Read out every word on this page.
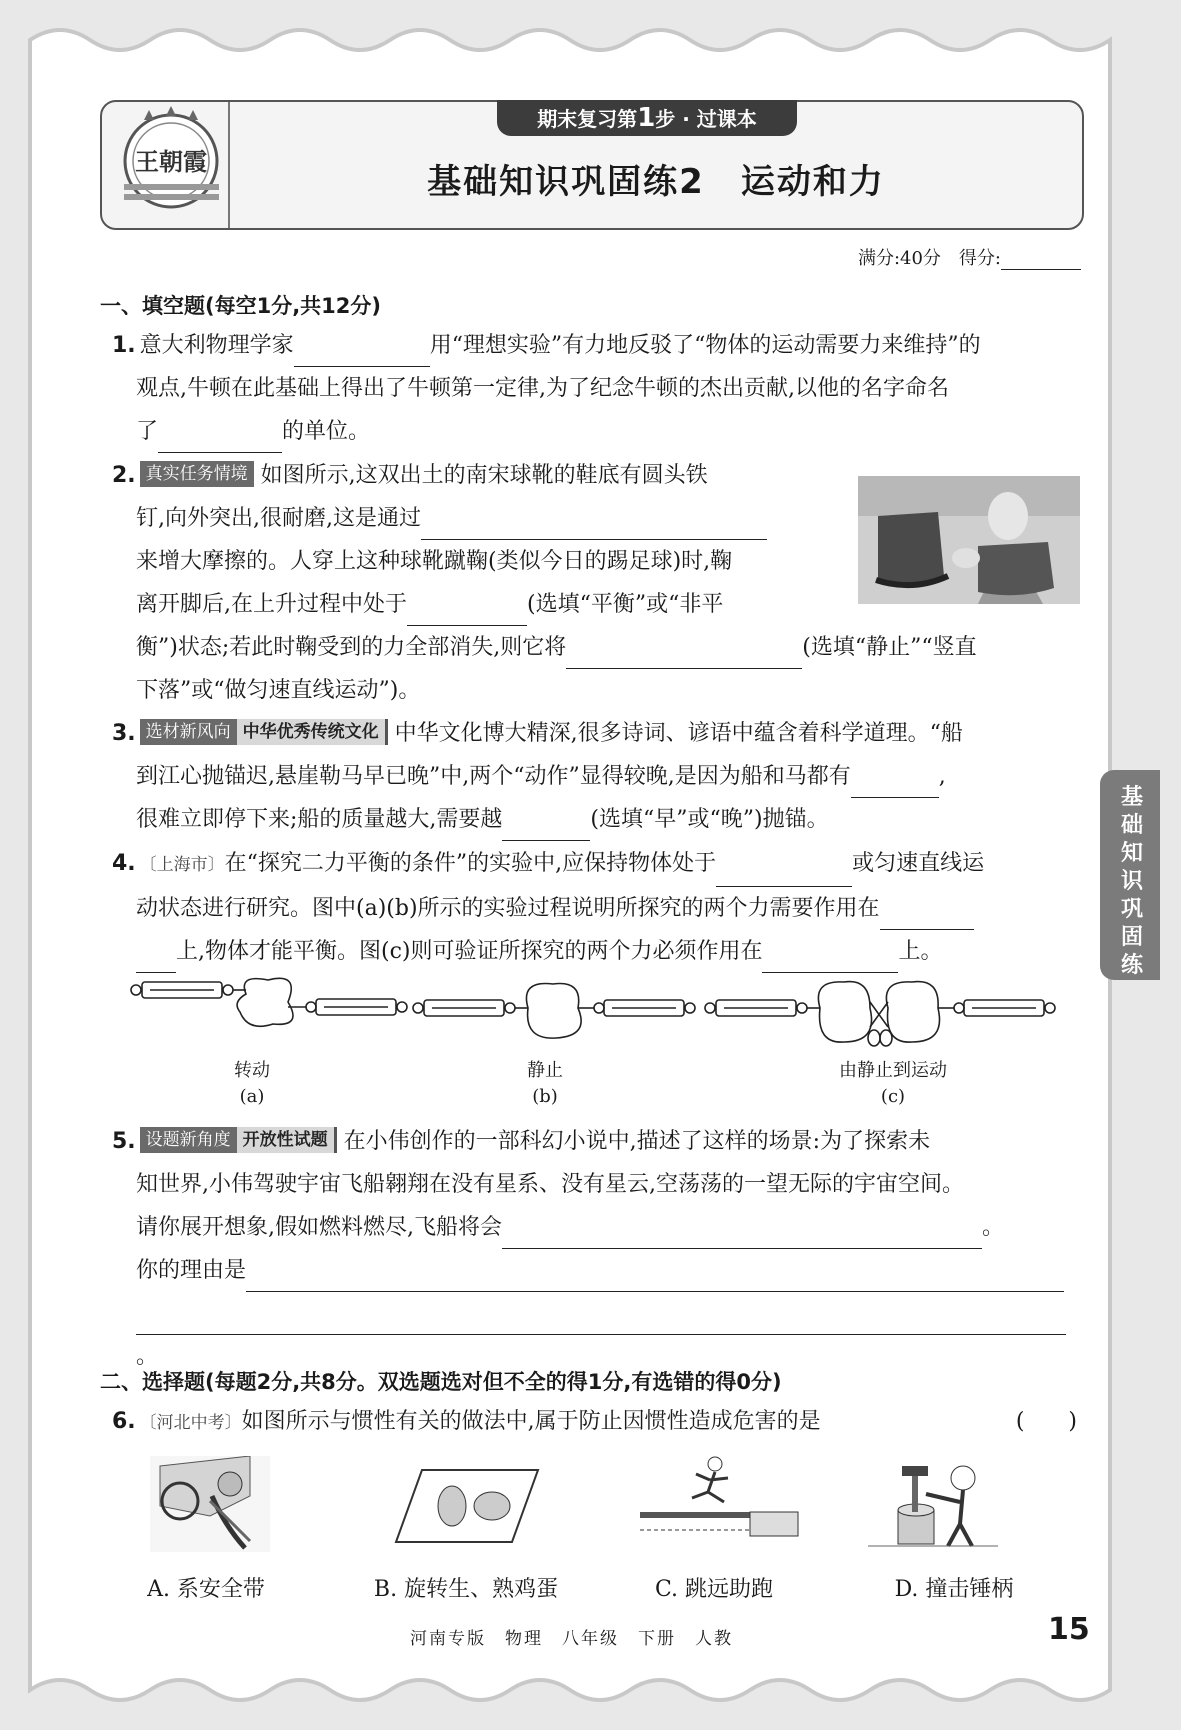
王朝霞
期末复习第1步 · 过课本
基础知识巩固练2　运动和力
满分:40分　 得分:
一、填空题(每空1分,共12分)

1. 意大利物理学家	用“理想实验”有力地反驳了“物体的运动需要力来维持”的

观点,牛顿在此基础上得出了牛顿第一定律,为了纪念牛顿的杰出贡献,以他的名字命名

了	的单位。

2. 真实任务情境 如图所示,这双出土的南宋球靴的鞋底有圆头铁

钉,向外突出,很耐磨,这是通过

来增大摩擦的。人穿上这种球靴蹴鞠(类似今日的踢足球)时,鞠

离开脚后,在上升过程中处于	(选填“平衡”或“非平

衡”)状态;若此时鞠受到的力全部消失,则它将	(选填“静止”“竖直

下落”或“做匀速直线运动”)。

3. 选材新风向 中华优秀传统文化 中华文化博大精深,很多诗词、谚语中蕴含着科学道理。“船

到江心抛锚迟,悬崖勒马早已晚”中,两个“动作”显得较晚,是因为船和马都有	,

很难立即停下来;船的质量越大,需要越	(选填“早”或“晚”)抛锚。

基
础
知
识
巩
固
练

4. 〔上海市〕在“探究二力平衡的条件”的实验中,应保持物体处于	或匀速直线运

动状态进行研究。图中(a)(b)所示的实验过程说明所探究的两个力需要作用在

上,物体才能平衡。图(c)则可验证所探究的两个力必须作用在	上。

转动
(a)
静止
(b)
由静止到运动
(c)

5. 设题新角度 开放性试题 在小伟创作的一部科幻小说中,描述了这样的场景:为了探索未

知世界,小伟驾驶宇宙飞船翱翔在没有星系、没有星云,空荡荡的一望无际的宇宙空间。

请你展开想象,假如燃料燃尽,飞船将会	。

你的理由是

。

二、选择题(每题2分,共8分。双选题选对但不全的得1分,有选错的得0分)

6. 〔河北中考〕如图所示与惯性有关的做法中,属于防止因惯性造成危害的是	(　　)
A. 系安全带	B. 旋转生、熟鸡蛋	C. 跳远助跑	D. 撞击锤柄
河南专版　物理　八年级　下册　人教	15
